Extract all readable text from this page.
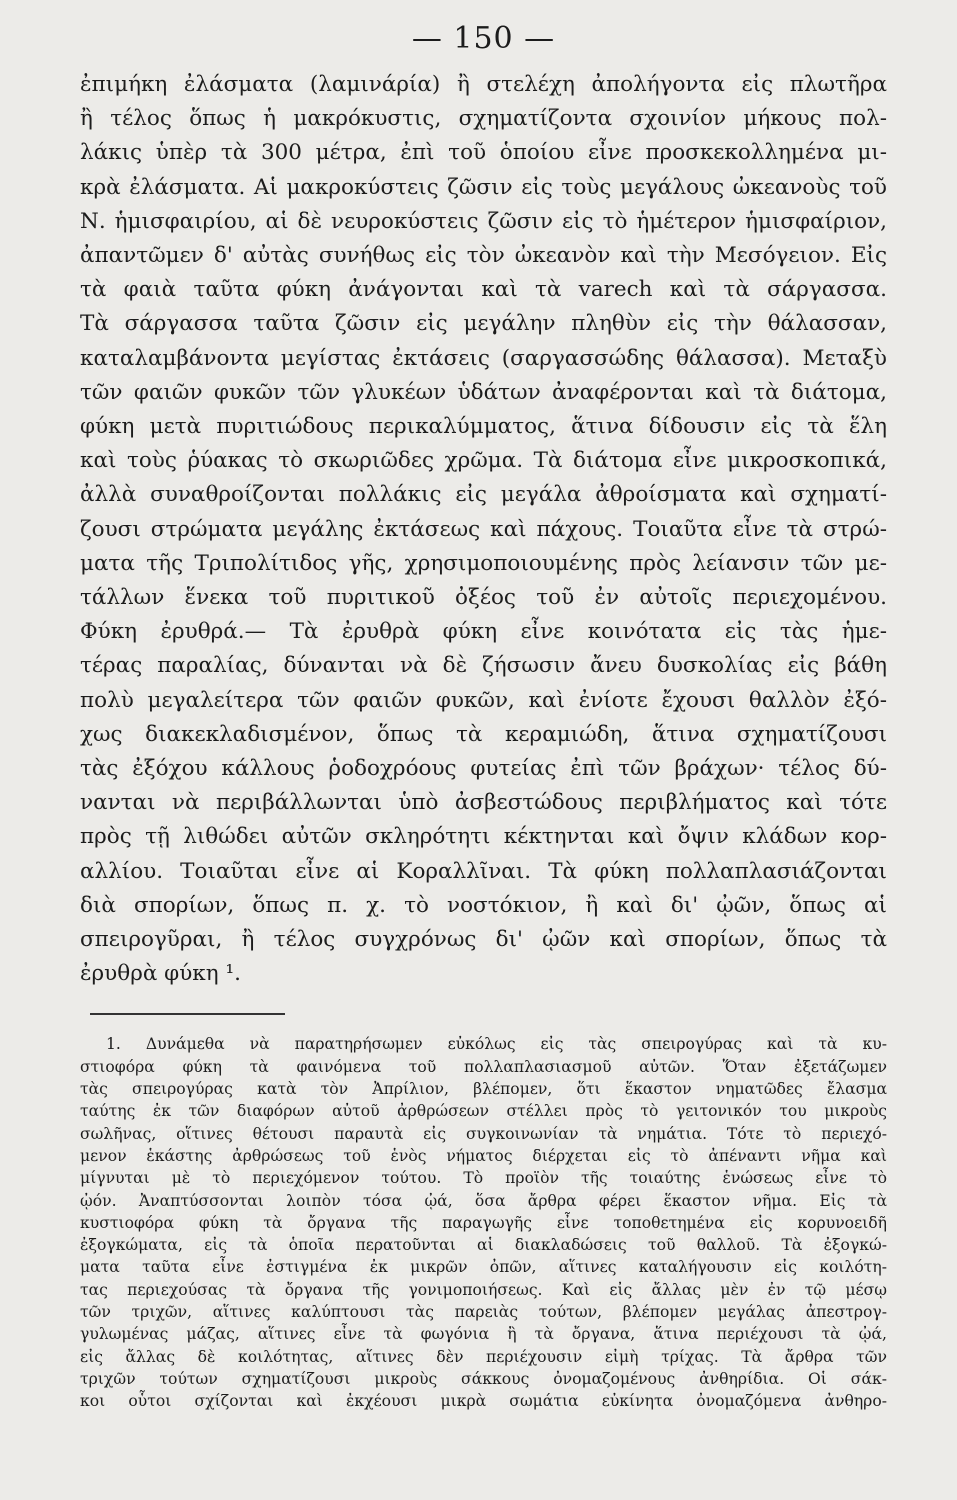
— 150 —
ἐπιμήκη ἐλάσματα (λαμινάρία) ἢ στελέχη ἀπολήγοντα εἰς πλωτῆρα
ἢ τέλος ὅπως ἡ μακρόκυστις, σχηματίζοντα σχοινίον μήκους πολ-
λάκις ὑπὲρ τὰ 300 μέτρα, ἐπὶ τοῦ ὁποίου εἶνε προσκεκολλημένα μι-
κρὰ ἐλάσματα. Αἱ μακροκύστεις ζῶσιν εἰς τοὺς μεγάλους ὠκεανοὺς τοῦ
Ν. ἡμισφαιρίου, αἱ δὲ νευροκύστεις ζῶσιν εἰς τὸ ἡμέτερον ἡμισφαίριον,
ἀπαντῶμεν δ' αὐτὰς συνήθως εἰς τὸν ὠκεανὸν καὶ τὴν Μεσόγειον. Εἰς
τὰ φαιὰ ταῦτα φύκη ἀνάγονται καὶ τὰ varech καὶ τὰ σάργασσα.
Τὰ σάργασσα ταῦτα ζῶσιν εἰς μεγάλην πληθὺν εἰς τὴν θάλασσαν,
καταλαμβάνοντα μεγίστας ἐκτάσεις (σαργασσώδης θάλασσα). Μεταξὺ
τῶν φαιῶν φυκῶν τῶν γλυκέων ὑδάτων ἀναφέρονται καὶ τὰ διάτομα,
φύκη μετὰ πυριτιώδους περικαλύμματος, ἅτινα δίδουσιν εἰς τὰ ἕλη
καὶ τοὺς ῥύακας τὸ σκωριῶδες χρῶμα. Τὰ διάτομα εἶνε μικροσκοπικά,
ἀλλὰ συναθροίζονται πολλάκις εἰς μεγάλα ἀθροίσματα καὶ σχηματί-
ζουσι στρώματα μεγάλης ἐκτάσεως καὶ πάχους. Τοιαῦτα εἶνε τὰ στρώ-
ματα τῆς Τριπολίτιδος γῆς, χρησιμοποιουμένης πρὸς λείανσιν τῶν με-
τάλλων ἕνεκα τοῦ πυριτικοῦ ὀξέος τοῦ ἐν αὐτοῖς περιεχομένου.
Φύκη ἐρυθρά.— Τὰ ἐρυθρὰ φύκη εἶνε κοινότατα εἰς τὰς ἡμε-
τέρας παραλίας, δύνανται νὰ δὲ ζήσωσιν ἄνευ δυσκολίας εἰς βάθη
πολὺ μεγαλείτερα τῶν φαιῶν φυκῶν, καὶ ἐνίοτε ἔχουσι θαλλὸν ἐξό-
χως διακεκλαδισμένον, ὅπως τὰ κεραμιώδη, ἅτινα σχηματίζουσι
τὰς ἐξόχου κάλλους ῥοδοχρόους φυτείας ἐπὶ τῶν βράχων· τέλος δύ-
νανται νὰ περιβάλλωνται ὑπὸ ἀσβεστώδους περιβλήματος καὶ τότε
πρὸς τῇ λιθώδει αὐτῶν σκληρότητι κέκτηνται καὶ ὄψιν κλάδων κορ-
αλλίου. Τοιαῦται εἶνε αἱ Κοραλλῖναι. Τὰ φύκη πολλαπλασιάζονται
διὰ σπορίων, ὅπως π. χ. τὸ νοστόκιον, ἢ καὶ δι' ᾠῶν, ὅπως αἱ
σπειρογῦραι, ἢ τέλος συγχρόνως δι' ᾠῶν καὶ σπορίων, ὅπως τὰ
ἐρυθρὰ φύκη ¹.
1. Δυνάμεθα νὰ παρατηρήσωμεν εὐκόλως εἰς τὰς σπειρογύρας καὶ τὰ κυ-
στιοφόρα φύκη τὰ φαινόμενα τοῦ πολλαπλασιασμοῦ αὐτῶν. Ὅταν ἐξετάζωμεν
τὰς σπειρογύρας κατὰ τὸν Ἀπρίλιον, βλέπομεν, ὅτι ἕκαστον νηματῶδες ἔλασμα
ταύτης ἐκ τῶν διαφόρων αὐτοῦ ἀρθρώσεων στέλλει πρὸς τὸ γειτονικόν του μικροὺς
σωλῆνας, οἵτινες θέτουσι παραυτὰ εἰς συγκοινωνίαν τὰ νημάτια. Τότε τὸ περιεχό-
μενον ἑκάστης ἀρθρώσεως τοῦ ἑνὸς νήματος διέρχεται εἰς τὸ ἀπέναντι νῆμα καὶ
μίγνυται μὲ τὸ περιεχόμενον τούτου. Τὸ προϊὸν τῆς τοιαύτης ἑνώσεως εἶνε τὸ
ᾠόν. Ἀναπτύσσονται λοιπὸν τόσα ᾠά, ὅσα ἄρθρα φέρει ἕκαστον νῆμα. Εἰς τὰ
κυστιοφόρα φύκη τὰ ὄργανα τῆς παραγωγῆς εἶνε τοποθετημένα εἰς κορυνοειδῆ
ἐξογκώματα, εἰς τὰ ὁποῖα περατοῦνται αἱ διακλαδώσεις τοῦ θαλλοῦ. Τὰ ἐξογκώ-
ματα ταῦτα εἶνε ἐστιγμένα ἐκ μικρῶν ὀπῶν, αἵτινες καταλήγουσιν εἰς κοιλότη-
τας περιεχούσας τὰ ὄργανα τῆς γονιμοποιήσεως. Καὶ εἰς ἄλλας μὲν ἐν τῷ μέσῳ
τῶν τριχῶν, αἵτινες καλύπτουσι τὰς παρειὰς τούτων, βλέπομεν μεγάλας ἀπεστρογ-
γυλωμένας μάζας, αἵτινες εἶνε τὰ φωγόνια ἢ τὰ ὄργανα, ἅτινα περιέχουσι τὰ ᾠά,
εἰς ἄλλας δὲ κοιλότητας, αἵτινες δὲν περιέχουσιν εἰμὴ τρίχας. Τὰ ἄρθρα τῶν
τριχῶν τούτων σχηματίζουσι μικροὺς σάκκους ὀνομαζομένους ἀνθηρίδια. Οἱ σάκ-
κοι οὗτοι σχίζονται καὶ ἐκχέουσι μικρὰ σωμάτια εὐκίνητα ὀνομαζόμενα ἀνθηρο-
